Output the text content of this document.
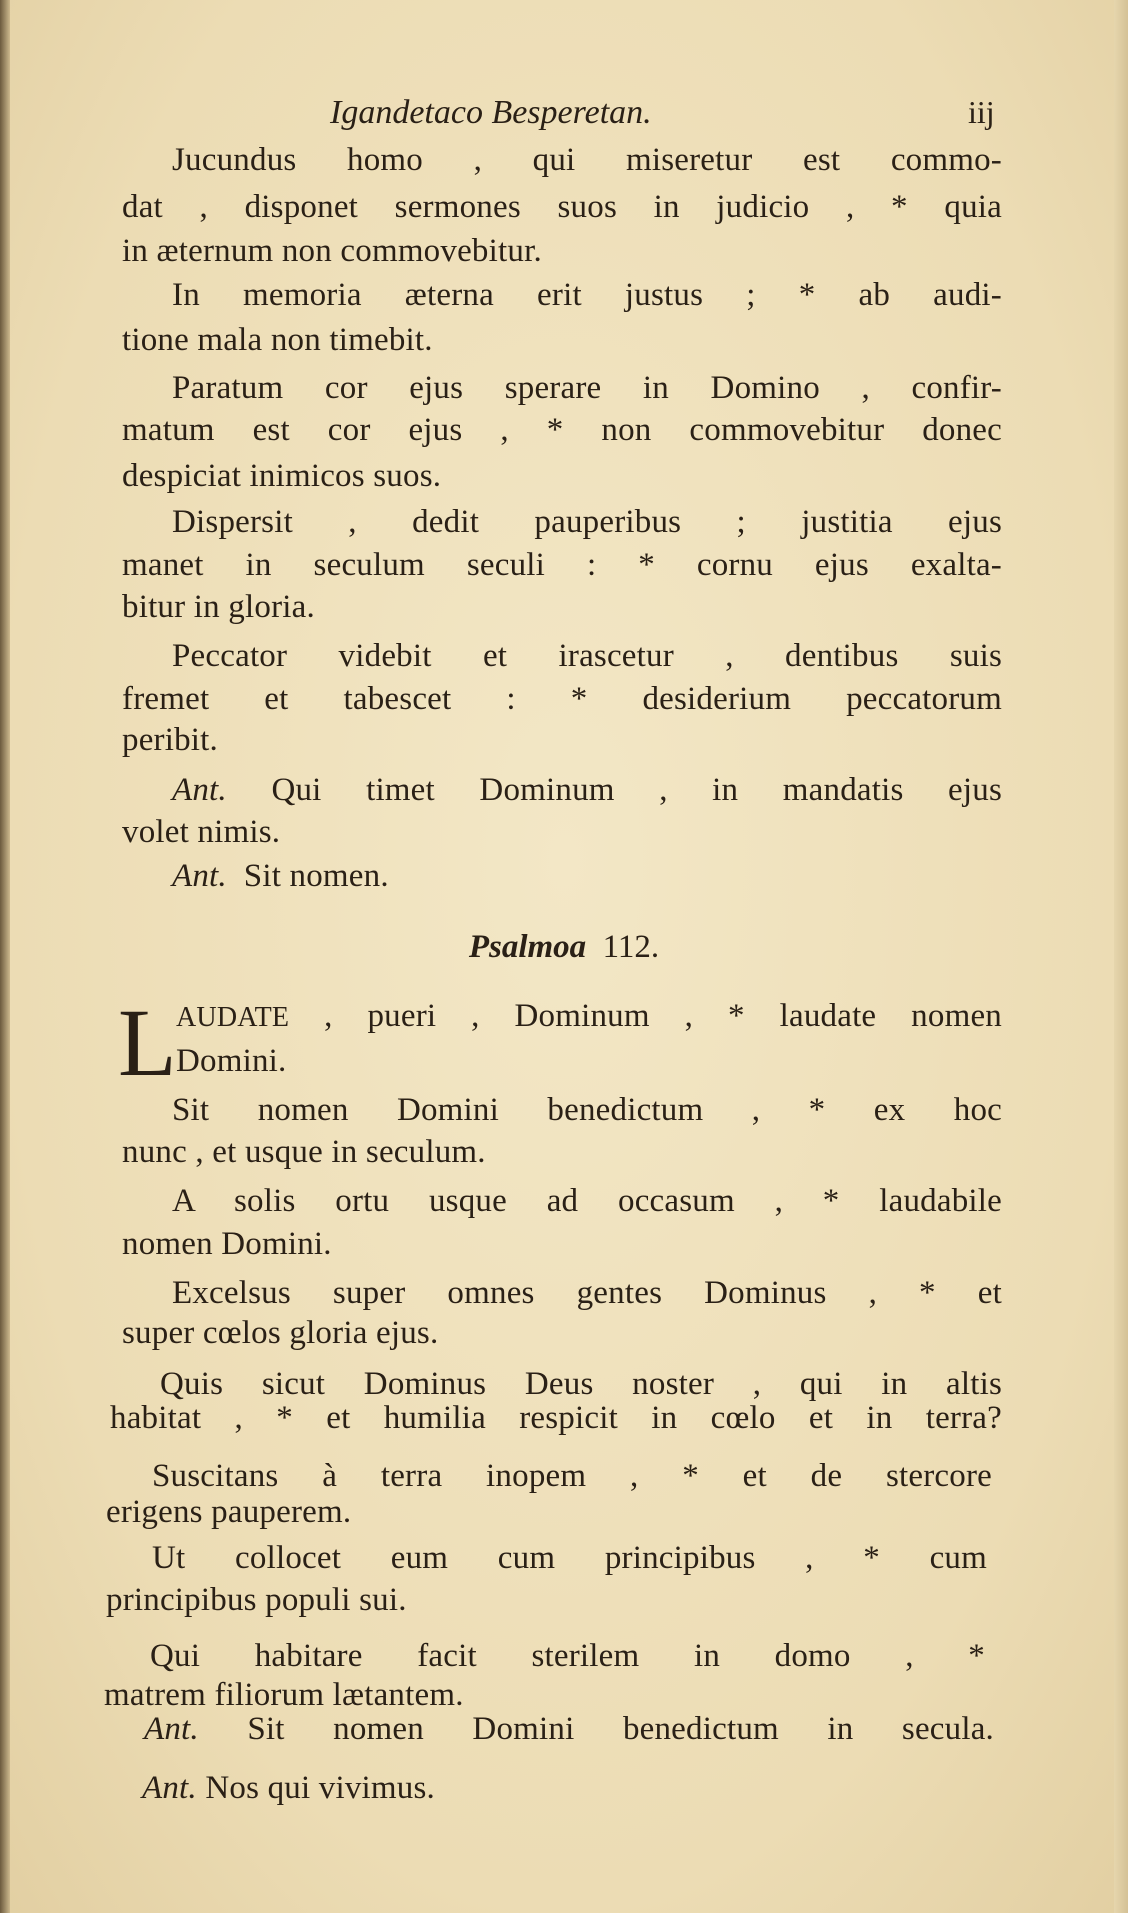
Igandetaco Besperetan.	iij
Jucundus homo , qui miseretur est commo-
dat , disponet sermones suos in judicio , * quia
in æternum non commovebitur.
In memoria æterna erit justus ; * ab audi-
tione mala non timebit.
Paratum cor ejus sperare in Domino , confir-
matum est cor ejus , * non commovebitur donec
despiciat inimicos suos.
Dispersit , dedit pauperibus ; justitia ejus
manet in seculum seculi : * cornu ejus exalta-
bitur in gloria.
Peccator videbit et irascetur , dentibus suis
fremet et tabescet : * desiderium peccatorum
peribit.
Ant. Qui timet Dominum , in mandatis ejus
volet nimis.
Ant. Sit nomen.
Psalmoa 112.
L AUDATE , pueri , Dominum , * laudate nomen
Domini.
Sit nomen Domini benedictum , * ex hoc
nunc , et usque in seculum.
A solis ortu usque ad occasum , * laudabile
nomen Domini.
Excelsus super omnes gentes Dominus , * et
super cœlos gloria ejus.
Quis sicut Dominus Deus noster , qui in altis
habitat , * et humilia respicit in cœlo et in terra?
Suscitans à terra inopem , * et de stercore
erigens pauperem.
Ut collocet eum cum principibus , * cum
principibus populi sui.
Qui habitare facit sterilem in domo , *
matrem filiorum lætantem.
Ant. Sit nomen Domini benedictum in secula.
Ant. Nos qui vivimus.
